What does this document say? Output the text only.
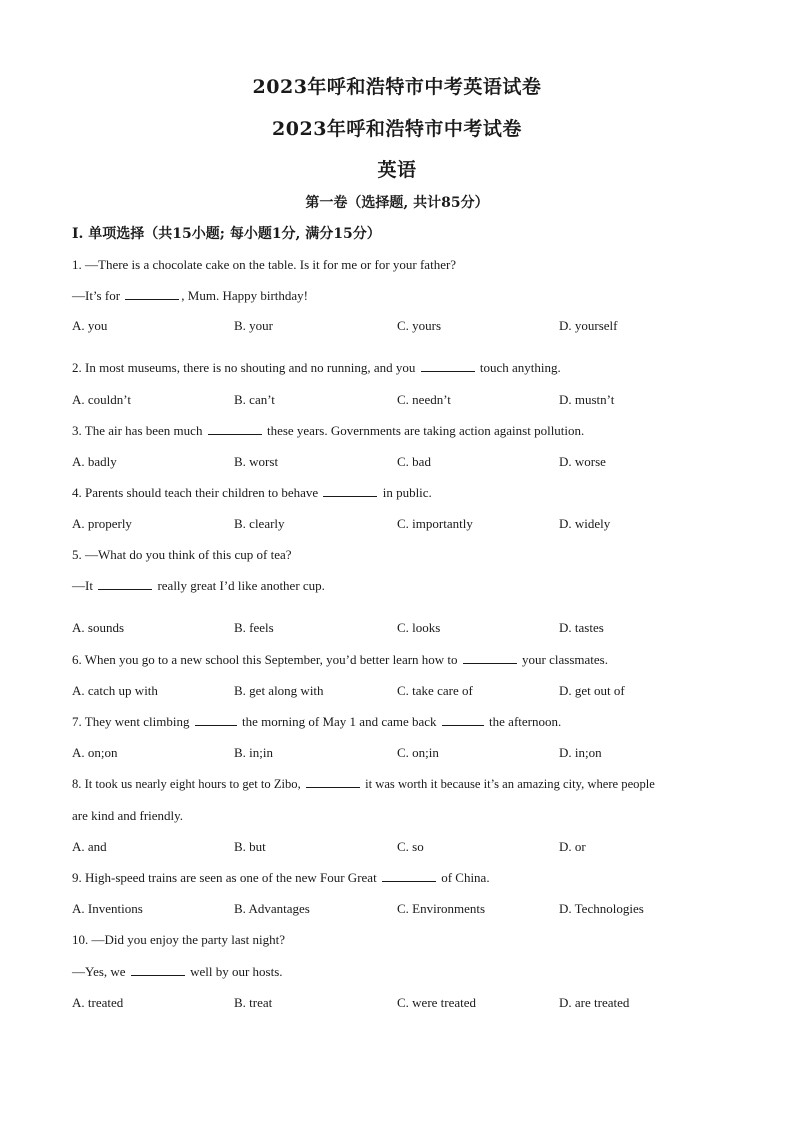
2023年呼和浩特市中考英语试卷
2023年呼和浩特市中考试卷
英语
第一卷（选择题, 共计85分）
I. 单项选择（共15小题; 每小题1分, 满分15分）
1. —There is a chocolate cake on the table. Is it for me or for your father?
—It’s for	, Mum. Happy birthday!
A. you	B. your	C. yours	D. yourself
2. In most museums, there is no shouting and no running, and you	touch anything.
A. couldn’t	B. can’t	C. needn’t	D. mustn’t
3. The air has been much	these years. Governments are taking action against pollution.
A. badly	B. worst	C. bad	D. worse
4. Parents should teach their children to behave	in public.
A. properly	B. clearly	C. importantly	D. widely
5. —What do you think of this cup of tea?
—It	really great I’d like another cup.
A. sounds	B. feels	C. looks	D. tastes
6. When you go to a new school this September, you’d better learn how to	your classmates.
A. catch up with	B. get along with	C. take care of	D. get out of
7. They went climbing	the morning of May 1 and came back	the afternoon.
A. on;on	B. in;in	C. on;in	D. in;on
8. It took us nearly eight hours to get to Zibo,	it was worth it because it’s an amazing city, where people
are kind and friendly.
A. and	B. but	C. so	D. or
9. High-speed trains are seen as one of the new Four Great	of China.
A. Inventions	B. Advantages	C. Environments	D. Technologies
10. —Did you enjoy the party last night?
—Yes, we	well by our hosts.
A. treated	B. treat	C. were treated	D. are treated
